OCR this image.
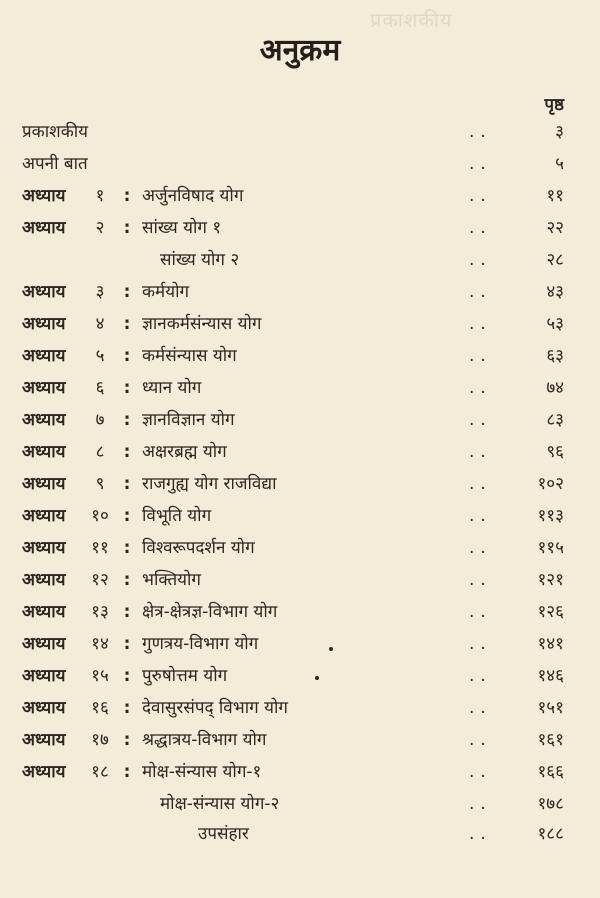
प्रकाशकीय
अनुक्रम
पृष्ठ
प्रकाशकीय	..	३
अपनी बात	..	५
अध्याय	१	: अर्जुनविषाद योग	..	११
अध्याय	२	: सांख्य योग १	..	२२
सांख्य योग २	..	२८
अध्याय	३	: कर्मयोग	..	४३
अध्याय	४	: ज्ञानकर्मसंन्यास योग	..	५३
अध्याय	५	: कर्मसंन्यास योग	..	६३
अध्याय	६	: ध्यान योग	..	७४
अध्याय	७	: ज्ञानविज्ञान योग	..	८३
अध्याय	८	: अक्षरब्रह्म योग	..	९६
अध्याय	९	: राजगुह्य योग राजविद्या	..	१०२
अध्याय	१० : विभूति योग	..	११३
अध्याय	११ : विश्वरूपदर्शन योग	..	११५
अध्याय	१२ : भक्तियोग	..	१२१
अध्याय	१३ : क्षेत्र-क्षेत्रज्ञ-विभाग योग	..	१२६
अध्याय	१४ : गुणत्रय-विभाग योग	..	१४१
अध्याय	१५ : पुरुषोत्तम योग	..	१४६
अध्याय	१६ : देवासुरसंपद् विभाग योग	..	१५१
अध्याय	१७ : श्रद्धात्रय-विभाग योग	..	१६१
अध्याय	१८ : मोक्ष-संन्यास योग-१	..	१६६
मोक्ष-संन्यास योग-२	..	१७८
उपसंहार	..	१८८
